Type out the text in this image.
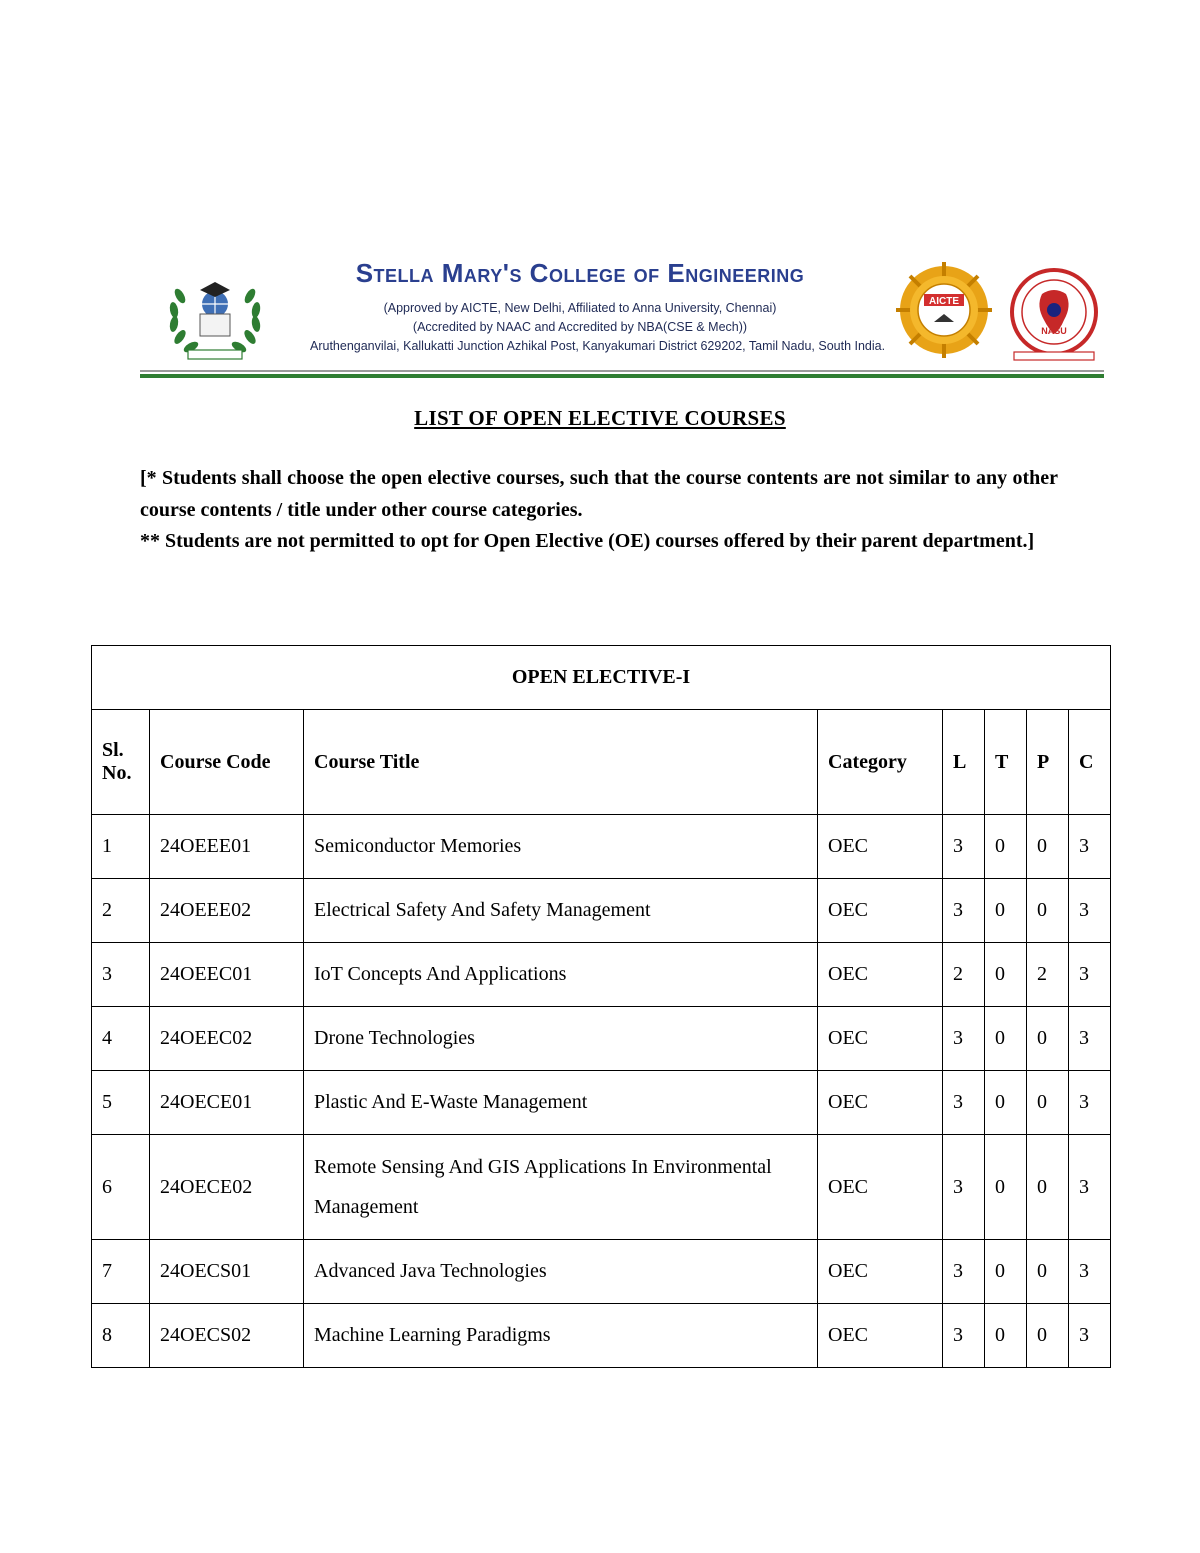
Stella Mary's College of Engineering
(Approved by AICTE, New Delhi, Affiliated to Anna University, Chennai)
(Accredited by NAAC and Accredited by NBA(CSE & Mech))
Aruthenganvilai, Kallukatti Junction Azhikal Post, Kanyakumari District 629202, Tamil Nadu, South India.
AICTE
NASU
LIST OF OPEN ELECTIVE COURSES

[* Students shall choose the open elective courses, such that the course contents are not similar to any other course contents / title under other course categories.

** Students are not permitted to opt for Open Elective (OE) courses offered by their parent department.]

OPEN ELECTIVE-I							
Sl.
No.	Course Code	Course Title	Category	L	T	P	C
1	24OEEE01	Semiconductor Memories	OEC	3	0	0	3
2	24OEEE02	Electrical Safety And Safety Management	OEC	3	0	0	3
3	24OEEC01	IoT Concepts And Applications	OEC	2	0	2	3
4	24OEEC02	Drone Technologies	OEC	3	0	0	3
5	24OECE01	Plastic And E-Waste Management	OEC	3	0	0	3
6	24OECE02	Remote Sensing And GIS Applications In Environmental Management	OEC	3	0	0	3
7	24OECS01	Advanced Java Technologies	OEC	3	0	0	3
8	24OECS02	Machine Learning Paradigms	OEC	3	0	0	3
